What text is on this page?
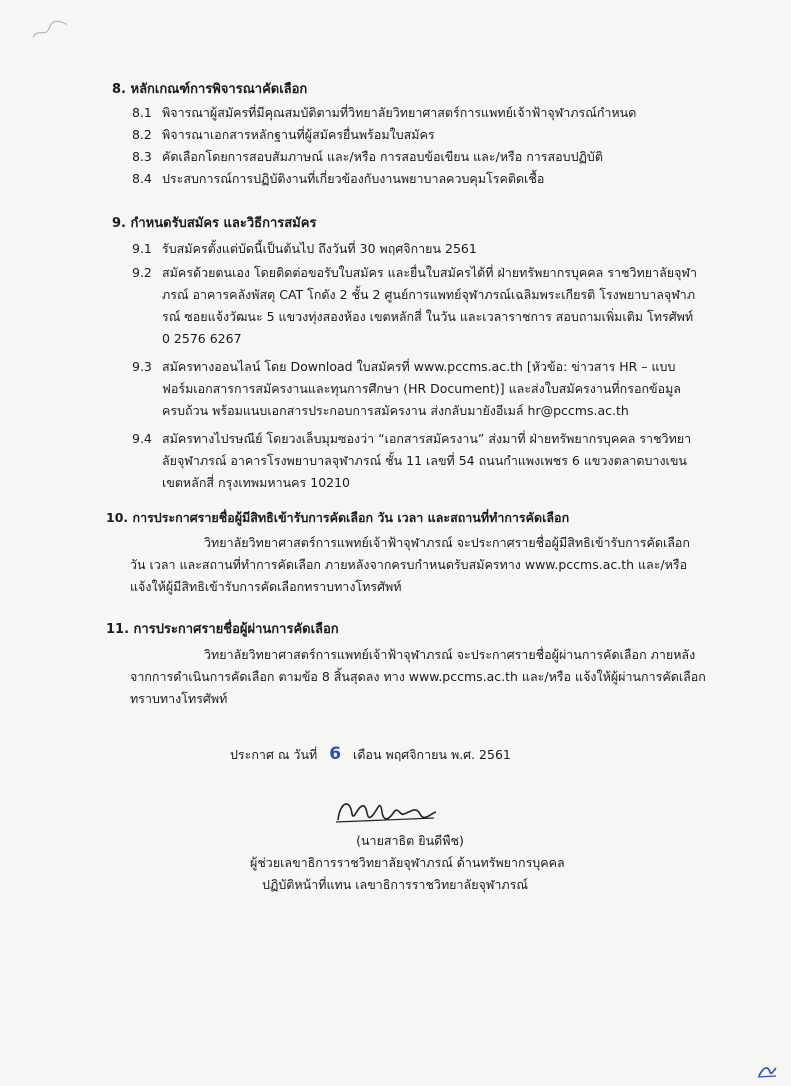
8. หลักเกณฑ์การพิจารณาคัดเลือก
8.1 พิจารณาผู้สมัครที่มีคุณสมบัติตามที่วิทยาลัยวิทยาศาสตร์การแพทย์เจ้าฟ้าจุฬาภรณ์กำหนด
8.2 พิจารณาเอกสารหลักฐานที่ผู้สมัครยื่นพร้อมใบสมัคร
8.3 คัดเลือกโดยการสอบสัมภาษณ์ และ/หรือ การสอบข้อเขียน และ/หรือ การสอบปฏิบัติ
8.4 ประสบการณ์การปฏิบัติงานที่เกี่ยวข้องกับงานพยาบาลควบคุมโรคติดเชื้อ
9. กำหนดรับสมัคร และวิธีการสมัคร
9.1 รับสมัครตั้งแต่บัดนี้เป็นต้นไป ถึงวันที่ 30 พฤศจิกายน 2561
9.2 สมัครด้วยตนเอง โดยติดต่อขอรับใบสมัคร และยื่นใบสมัครได้ที่ ฝ่ายทรัพยากรบุคคล ราชวิทยาลัยจุฬาภรณ์ อาคารคลังพัสดุ CAT โกดัง 2 ชั้น 2 ศูนย์การแพทย์จุฬาภรณ์เฉลิมพระเกียรติ โรงพยาบาลจุฬาภรณ์ ซอยแจ้งวัฒนะ 5 แขวงทุ่งสองห้อง เขตหลักสี่ ในวัน และเวลาราชการ สอบถามเพิ่มเติม โทรศัพท์ 0 2576 6267
9.3 สมัครทางออนไลน์ โดย Download ใบสมัครที่ www.pccms.ac.th [หัวข้อ: ข่าวสาร HR – แบบฟอร์มเอกสารการสมัครงานและทุนการศึกษา (HR Document)] และส่งใบสมัครงานที่กรอกข้อมูลครบถ้วน พร้อมแนบเอกสารประกอบการสมัครงาน ส่งกลับมายังอีเมล์ hr@pccms.ac.th
9.4 สมัครทางไปรษณีย์ โดยวงเล็บมุมซองว่า “เอกสารสมัครงาน” ส่งมาที่ ฝ่ายทรัพยากรบุคคล ราชวิทยาลัยจุฬาภรณ์ อาคารโรงพยาบาลจุฬาภรณ์ ชั้น 11 เลขที่ 54 ถนนกำแพงเพชร 6 แขวงตลาดบางเขน เขตหลักสี่ กรุงเทพมหานคร 10210
10. การประกาศรายชื่อผู้มีสิทธิเข้ารับการคัดเลือก วัน เวลา และสถานที่ทำการคัดเลือก
วิทยาลัยวิทยาศาสตร์การแพทย์เจ้าฟ้าจุฬาภรณ์ จะประกาศรายชื่อผู้มีสิทธิเข้ารับการคัดเลือก วัน เวลา และสถานที่ทำการคัดเลือก ภายหลังจากครบกำหนดรับสมัครทาง www.pccms.ac.th และ/หรือ แจ้งให้ผู้มีสิทธิเข้ารับการคัดเลือกทราบทางโทรศัพท์
11. การประกาศรายชื่อผู้ผ่านการคัดเลือก
วิทยาลัยวิทยาศาสตร์การแพทย์เจ้าฟ้าจุฬาภรณ์ จะประกาศรายชื่อผู้ผ่านการคัดเลือก ภายหลังจากการดำเนินการคัดเลือก ตามข้อ 8 สิ้นสุดลง ทาง www.pccms.ac.th และ/หรือ แจ้งให้ผู้ผ่านการคัดเลือกทราบทางโทรศัพท์
ประกาศ ณ วันที่ 6 เดือน พฤศจิกายน พ.ศ. 2561
(นายสาธิต ยินดีพืช)
ผู้ช่วยเลขาธิการราชวิทยาลัยจุฬาภรณ์ ด้านทรัพยากรบุคคล
ปฏิบัติหน้าที่แทน เลขาธิการราชวิทยาลัยจุฬาภรณ์
